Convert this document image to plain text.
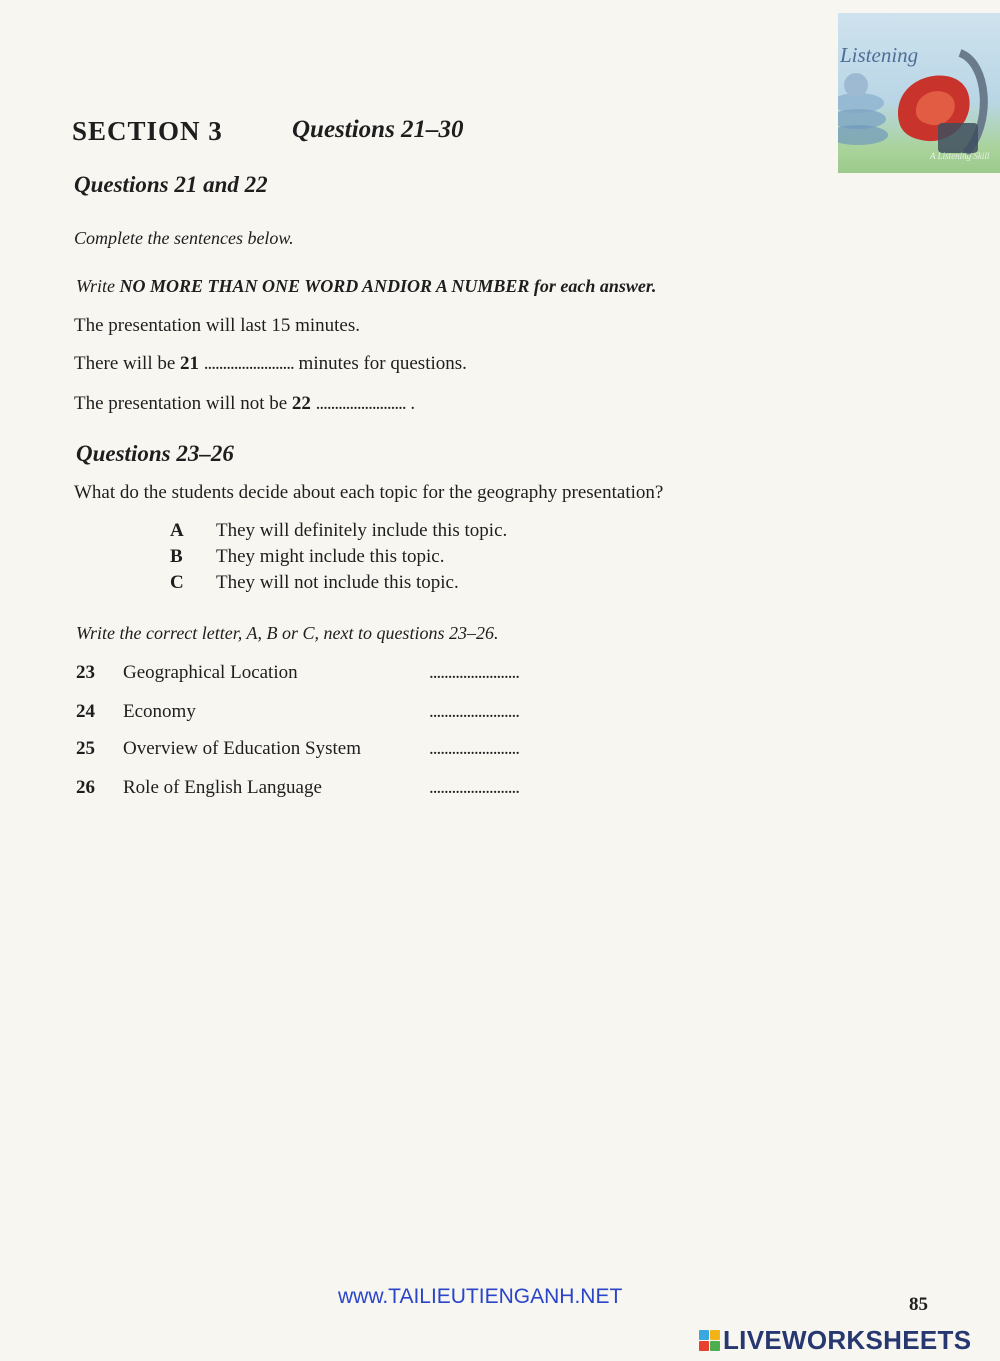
Listening
A Listening Skill
SECTION 3	Questions 21–30
Questions 21 and 22
Complete the sentences below.
Write NO MORE THAN ONE WORD ANDIOR A NUMBER for each answer.
The presentation will last 15 minutes.
There will be 21 ........................ minutes for questions.
The presentation will not be 22 ........................ .
Questions 23–26
What do the students decide about each topic for the geography presentation?
A They will definitely include this topic.
B They might include this topic.
C They will not include this topic.
Write the correct letter, A, B or C, next to questions 23–26.
23 Geographical Location	........................
24 Economy	........................
25 Overview of Education System	........................
26 Role of English Language	........................
www.TAILIEUTIENGANH.NET	85
LIVEWORKSHEETS
